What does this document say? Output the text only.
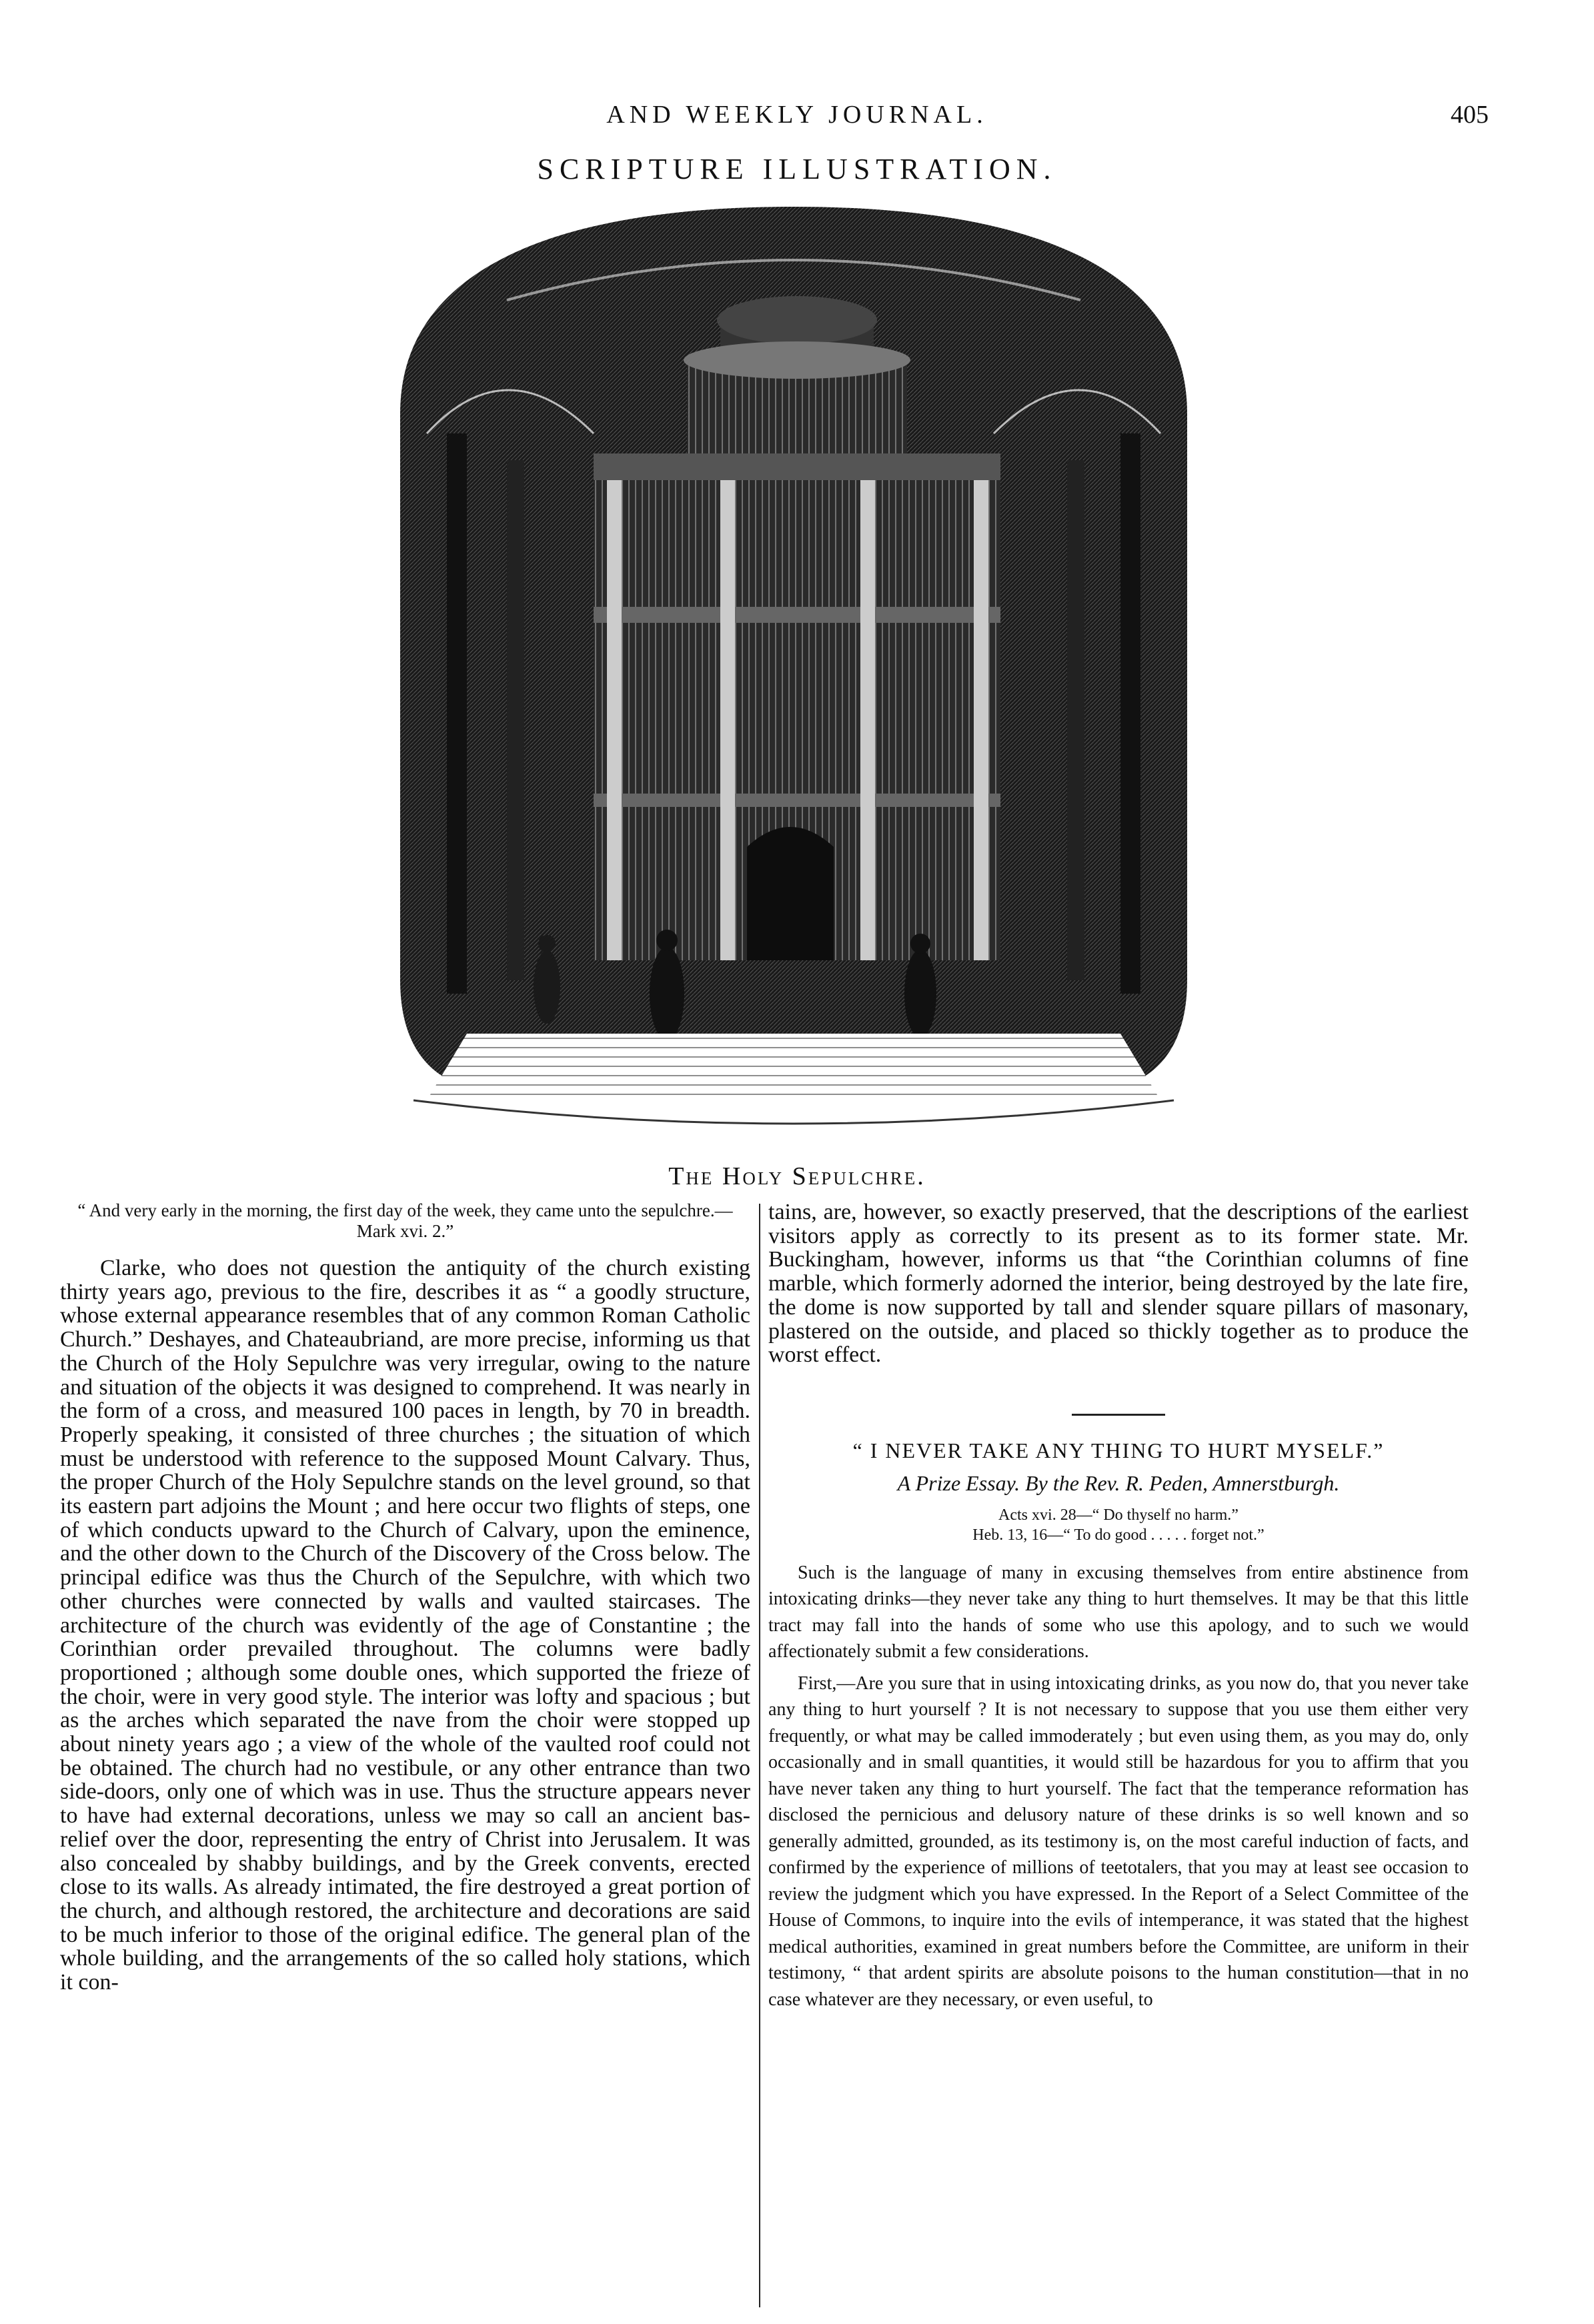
AND WEEKLY JOURNAL.	405
SCRIPTURE ILLUSTRATION.
The Holy Sepulchre.

“ And very early in the morning, the first day of the week, they came unto the sepulchre.—Mark xvi. 2.”

Clarke, who does not question the antiquity of the church existing thirty years ago, previous to the fire, describes it as “ a goodly structure, whose external appearance resembles that of any common Roman Catholic Church.” Deshayes, and Chateaubriand, are more precise, informing us that the Church of the Holy Sepulchre was very irregular, owing to the nature and situation of the objects it was designed to comprehend. It was nearly in the form of a cross, and measured 100 paces in length, by 70 in breadth. Properly speaking, it consisted of three churches ; the situation of which must be understood with reference to the supposed Mount Calvary. Thus, the proper Church of the Holy Sepulchre stands on the level ground, so that its eastern part adjoins the Mount ; and here occur two flights of steps, one of which conducts upward to the Church of Calvary, upon the eminence, and the other down to the Church of the Discovery of the Cross below. The principal edifice was thus the Church of the Sepulchre, with which two other churches were connected by walls and vaulted staircases. The architecture of the church was evidently of the age of Constantine ; the Corinthian order prevailed throughout. The columns were badly proportioned ; although some double ones, which supported the frieze of the choir, were in very good style. The interior was lofty and spacious ; but as the arches which separated the nave from the choir were stopped up about ninety years ago ; a view of the whole of the vaulted roof could not be obtained. The church had no vestibule, or any other entrance than two side-doors, only one of which was in use. Thus the structure appears never to have had external decorations, unless we may so call an ancient bas-relief over the door, representing the entry of Christ into Jerusalem. It was also concealed by shabby buildings, and by the Greek convents, erected close to its walls. As already intimated, the fire destroyed a great portion of the church, and although restored, the architecture and decorations are said to be much inferior to those of the original edifice. The general plan of the whole building, and the arrangements of the so called holy stations, which it con-

tains, are, however, so exactly preserved, that the descriptions of the earliest visitors apply as correctly to its present as to its former state. Mr. Buckingham, however, informs us that “the Corinthian columns of fine marble, which formerly adorned the interior, being destroyed by the late fire, the dome is now supported by tall and slender square pillars of masonary, plastered on the outside, and placed so thickly together as to produce the worst effect.

“ I NEVER TAKE ANY THING TO HURT MYSELF.”
A Prize Essay. By the Rev. R. Peden, Amnerstburgh.
Acts xvi. 28—“ Do thyself no harm.”
Heb. 13, 16—“ To do good . . . . . forget not.”

Such is the language of many in excusing themselves from entire abstinence from intoxicating drinks—they never take any thing to hurt themselves. It may be that this little tract may fall into the hands of some who use this apology, and to such we would affectionately submit a few considerations.

First,—Are you sure that in using intoxicating drinks, as you now do, that you never take any thing to hurt yourself ? It is not necessary to suppose that you use them either very frequently, or what may be called immoderately ; but even using them, as you may do, only occasionally and in small quantities, it would still be hazardous for you to affirm that you have never taken any thing to hurt yourself. The fact that the temperance reformation has disclosed the pernicious and delusory nature of these drinks is so well known and so generally admitted, grounded, as its testimony is, on the most careful induction of facts, and confirmed by the experience of millions of teetotalers, that you may at least see occasion to review the judgment which you have expressed. In the Report of a Select Committee of the House of Commons, to inquire into the evils of intemperance, it was stated that the highest medical authorities, examined in great numbers before the Committee, are uniform in their testimony, “ that ardent spirits are absolute poisons to the human constitution—that in no case whatever are they necessary, or even useful, to
